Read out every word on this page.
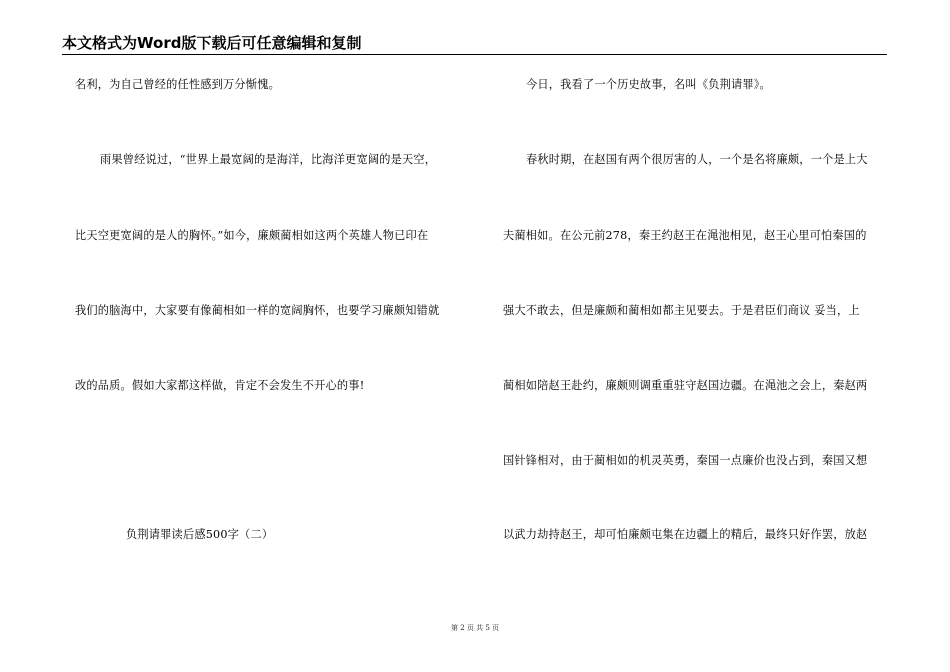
本文格式为Word版下载后可任意编辑和复制
名利，为自己曾经的任性感到万分惭愧。
雨果曾经说过，“世界上最宽阔的是海洋，比海洋更宽阔的是天空，
比天空更宽阔的是人的胸怀。”如今，廉颇蔺相如这两个英雄人物已印在
我们的脑海中，大家要有像蔺相如一样的宽阔胸怀，也要学习廉颇知错就
改的品质。假如大家都这样做，肯定不会发生不开心的事!
负荆请罪读后感500字（二）
今日，我看了一个历史故事，名叫《负荆请罪》。
春秋时期，在赵国有两个很厉害的人，一个是名将廉颇，一个是上大
夫蔺相如。在公元前278，秦王约赵王在渑池相见，赵王心里可怕秦国的
强大不敢去，但是廉颇和蔺相如都主见要去。于是君臣们商议 妥当，上
蔺相如陪赵王赴约，廉颇则调重重驻守赵国边疆。在渑池之会上，秦赵两
国针锋相对，由于蔺相如的机灵英勇，秦国一点廉价也没占到，秦国又想
以武力劫持赵王，却可怕廉颇屯集在边疆上的精后，最终只好作罢，放赵
第 2 页 共 5 页
